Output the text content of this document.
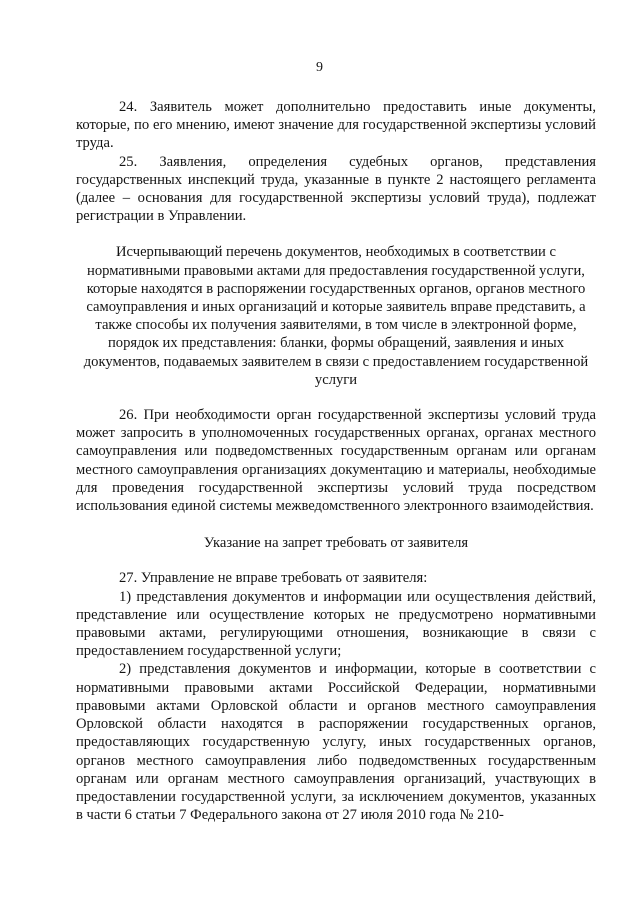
9

24. Заявитель может дополнительно предоставить иные документы, которые, по его мнению, имеют значение для государственной экспертизы условий труда.

25. Заявления, определения судебных органов, представления государственных инспекций труда, указанные в пункте 2 настоящего регламента (далее – основания для государственной экспертизы условий труда), подлежат регистрации в Управлении.

Исчерпывающий перечень документов, необходимых в соответствии с нормативными правовыми актами для предоставления государственной услуги, которые находятся в распоряжении государственных органов, органов местного самоуправления и иных организаций и которые заявитель вправе представить, а также способы их получения заявителями, в том числе в электронной форме, порядок их представления: бланки, формы обращений, заявления и иных документов, подаваемых заявителем в связи с предоставлением государственной услуги

26. При необходимости орган государственной экспертизы условий труда может запросить в уполномоченных государственных органах, органах местного самоуправления или подведомственных государственным органам или органам местного самоуправления организациях документацию и материалы, необходимые для проведения государственной экспертизы условий труда посредством использования единой системы межведомственного электронного взаимодействия.

Указание на запрет требовать от заявителя

27. Управление не вправе требовать от заявителя:

1) представления документов и информации или осуществления действий, представление или осуществление которых не предусмотрено нормативными правовыми актами, регулирующими отношения, возникающие в связи с предоставлением государственной услуги;

2) представления документов и информации, которые в соответствии с нормативными правовыми актами Российской Федерации, нормативными правовыми актами Орловской области и органов местного самоуправления Орловской области находятся в распоряжении государственных органов, предоставляющих государственную услугу, иных государственных органов, органов местного самоуправления либо подведомственных государственным органам или органам местного самоуправления организаций, участвующих в предоставлении государственной услуги, за исключением документов, указанных в части 6 статьи 7 Федерального закона от 27 июля 2010 года № 210-
